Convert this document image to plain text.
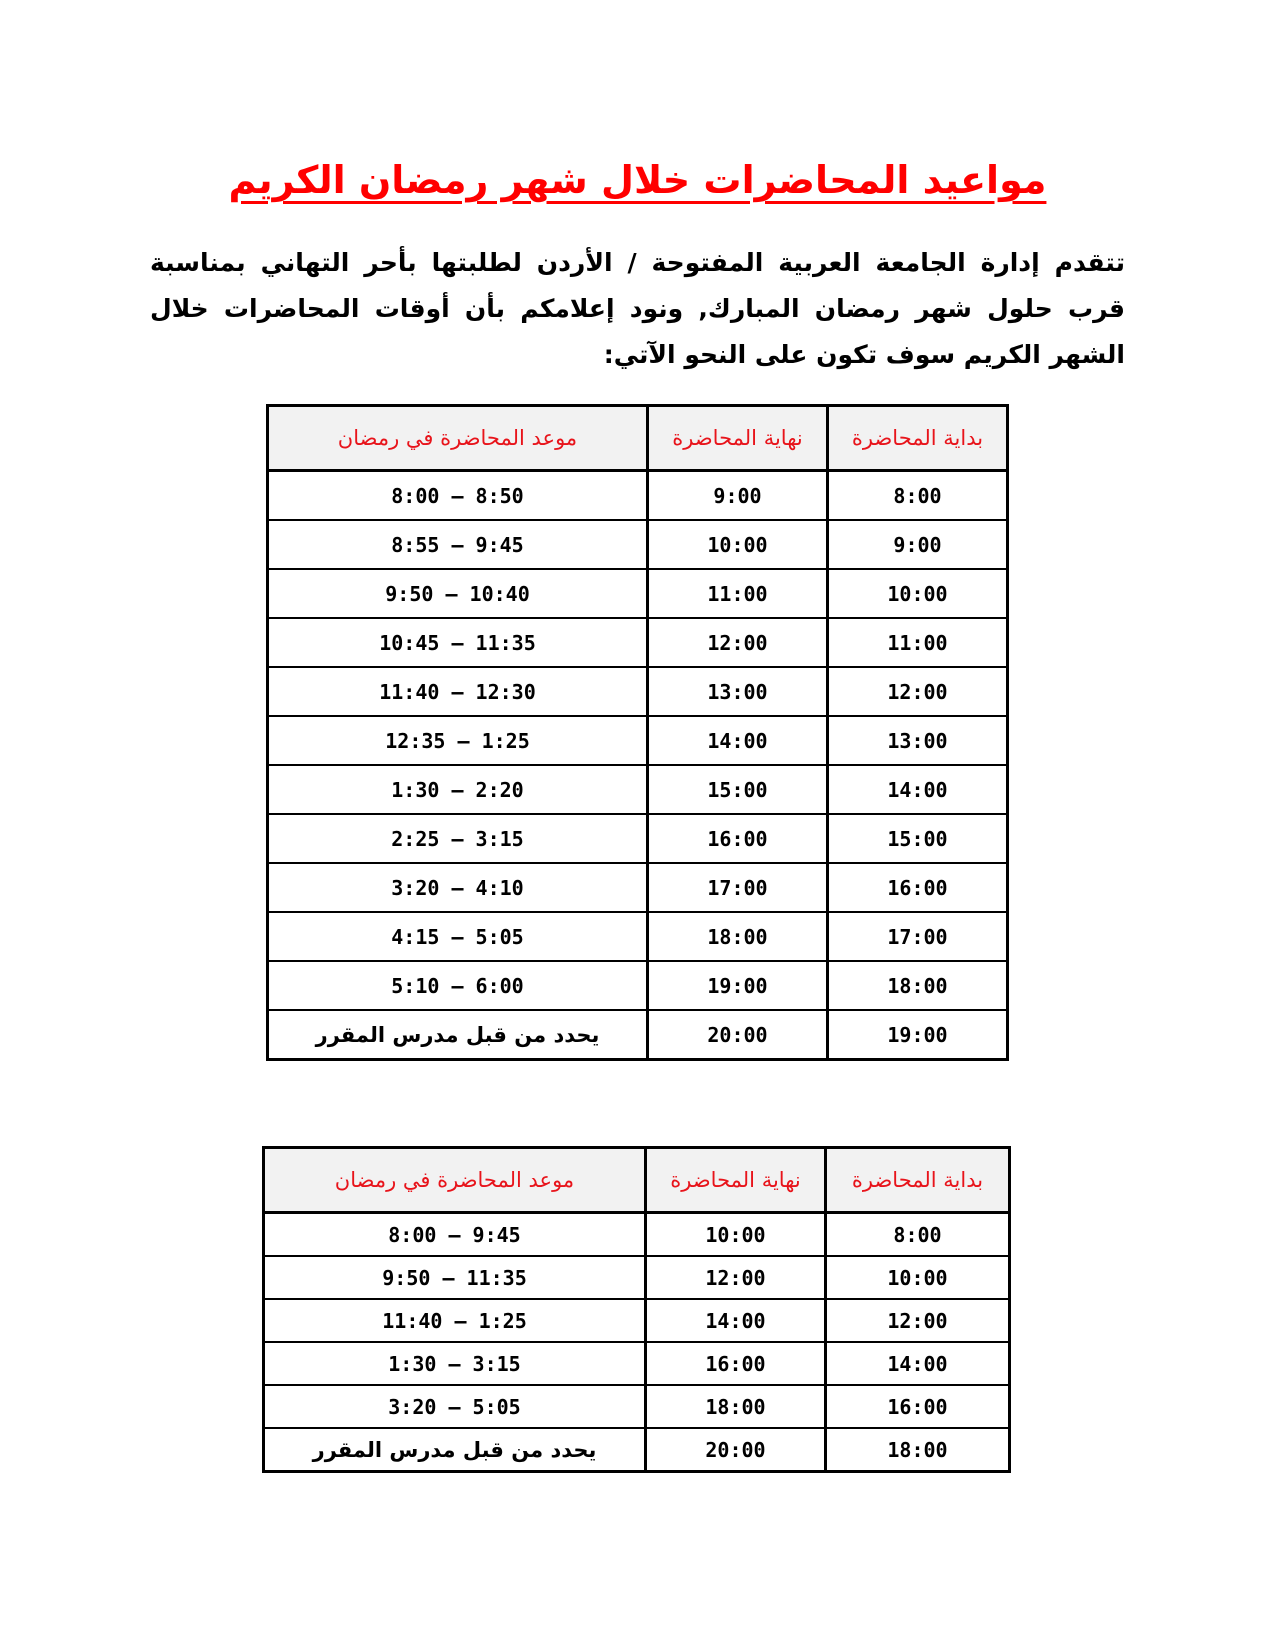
مواعيد المحاضرات خلال شهر رمضان الكريم

تتقدم إدارة الجامعة العربية المفتوحة / الأردن لطلبتها بأحر التهاني بمناسبة قرب حلول شهر رمضان المبارك, ونود إعلامكم بأن أوقات المحاضرات خلال الشهر الكريم سوف تكون على النحو الآتي:

بداية المحاضرة	نهاية المحاضرة	موعد المحاضرة في رمضان
8:00	9:00	8:00 – 8:50
9:00	10:00	8:55 – 9:45
10:00	11:00	9:50 – 10:40
11:00	12:00	10:45 – 11:35
12:00	13:00	11:40 – 12:30
13:00	14:00	12:35 – 1:25
14:00	15:00	1:30 – 2:20
15:00	16:00	2:25 – 3:15
16:00	17:00	3:20 – 4:10
17:00	18:00	4:15 – 5:05
18:00	19:00	5:10 – 6:00
19:00	20:00	يحدد من قبل مدرس المقرر
بداية المحاضرة	نهاية المحاضرة	موعد المحاضرة في رمضان
8:00	10:00	8:00 – 9:45
10:00	12:00	9:50 – 11:35
12:00	14:00	11:40 – 1:25
14:00	16:00	1:30 – 3:15
16:00	18:00	3:20 – 5:05
18:00	20:00	يحدد من قبل مدرس المقرر
